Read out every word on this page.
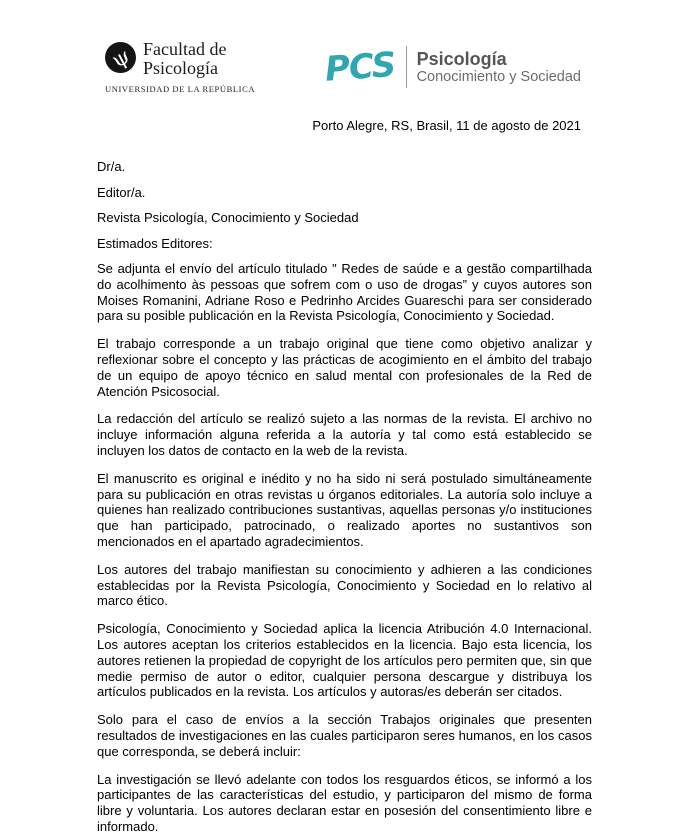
ψ Facultad de
Psicología
UNIVERSIDAD DE LA REPÚBLICA PCS	Psicología
Conocimiento y Sociedad
Porto Alegre, RS, Brasil, 11 de agosto de 2021

Dr/a.

Editor/a.

Revista Psicología, Conocimiento y Sociedad

Estimados Editores:

Se adjunta el envío del artículo titulado " Redes de saúde e a gestão compartilhada do acolhimento às pessoas que sofrem com o uso de drogas” y cuyos autores son Moises Romanini, Adriane Roso e Pedrinho Arcides Guareschi para ser considerado para su posible publicación en la Revista Psicología, Conocimiento y Sociedad.

El trabajo corresponde a un trabajo original que tiene como objetivo analizar y reflexionar sobre el concepto y las prácticas de acogimiento en el ámbito del trabajo de un equipo de apoyo técnico en salud mental con profesionales de la Red de Atención Psicosocial.

La redacción del artículo se realizó sujeto a las normas de la revista. El archivo no incluye información alguna referida a la autoría y tal como está establecido se incluyen los datos de contacto en la web de la revista.

El manuscrito es original e inédito y no ha sido ni será postulado simultáneamente para su publicación en otras revistas u órganos editoriales. La autoría solo incluye a quienes han realizado contribuciones sustantivas, aquellas personas y/o instituciones que han participado, patrocinado, o realizado aportes no sustantivos son mencionados en el apartado agradecimientos.

Los autores del trabajo manifiestan su conocimiento y adhieren a las condiciones establecidas por la Revista Psicología, Conocimiento y Sociedad en lo relativo al marco ético.

Psicología, Conocimiento y Sociedad aplica la licencia Atribución 4.0 Internacional. Los autores aceptan los criterios establecidos en la licencia. Bajo esta licencia, los autores retienen la propiedad de copyright de los artículos pero permiten que, sin que medie permiso de autor o editor, cualquier persona descargue y distribuya los artículos publicados en la revista. Los artículos y autoras/es deberán ser citados.

Solo para el caso de envíos a la sección Trabajos originales que presenten resultados de investigaciones en las cuales participaron seres humanos, en los casos que corresponda, se deberá incluir:

La investigación se llevó adelante con todos los resguardos éticos, se informó a los participantes de las características del estudio, y participaron del mismo de forma libre y voluntaria. Los autores declaran estar en posesión del consentimiento libre e informado.
